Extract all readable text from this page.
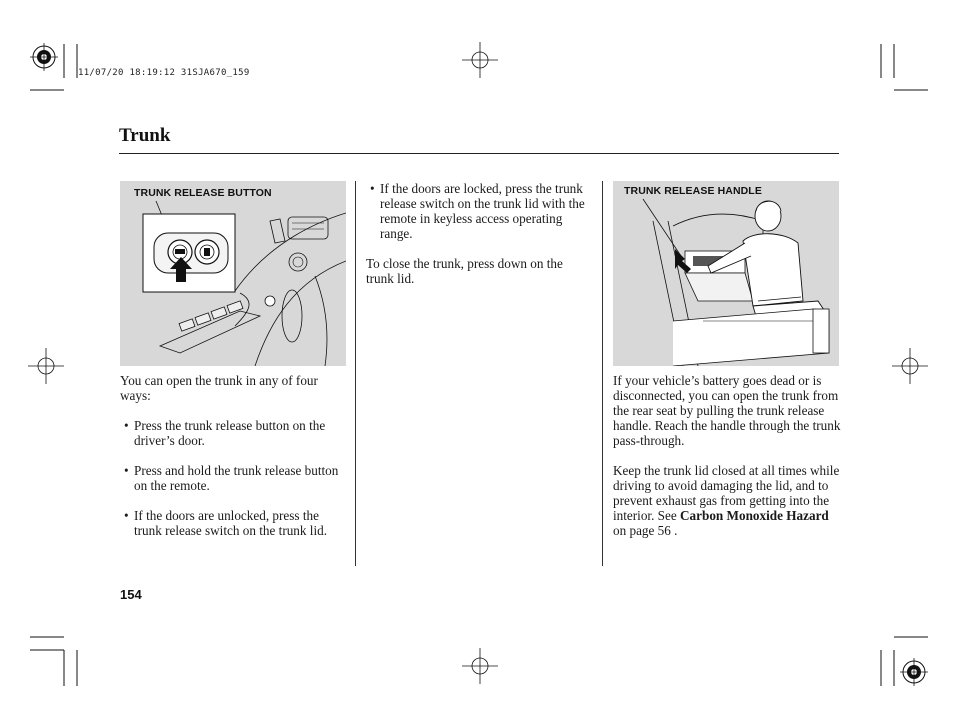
11/07/20 18:19:12 31SJA670_159
Trunk
TRUNK RELEASE BUTTON	TRUNK RELEASE HANDLE

You can open the trunk in any of four ways:

• Press the trunk release button on the driver’s door.
• Press and hold the trunk release button on the remote.
• If the doors are unlocked, press the trunk release switch on the trunk lid.
• If the doors are locked, press the trunk release switch on the trunk lid with the remote in keyless access operating range.

To close the trunk, press down on the trunk lid.

If your vehicle’s battery goes dead or is disconnected, you can open the trunk from the rear seat by pulling the trunk release handle. Reach the handle through the trunk pass-through.

Keep the trunk lid closed at all times while driving to avoid damaging the lid, and to prevent exhaust gas from getting into the interior. See Carbon Monoxide Hazard on page 56 .

154
